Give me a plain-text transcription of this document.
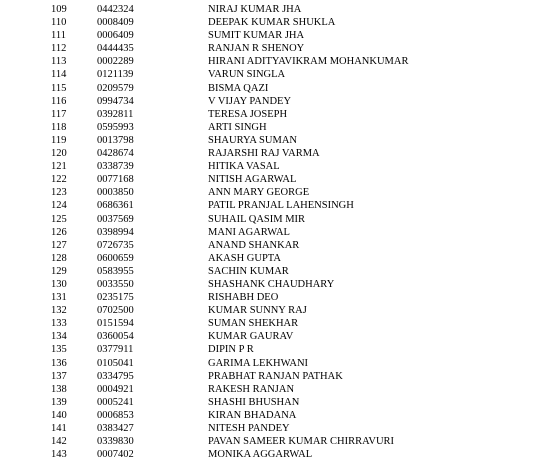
109	0442324	NIRAJ KUMAR JHA
110	0008409	DEEPAK KUMAR SHUKLA
111	0006409	SUMIT KUMAR JHA
112	0444435	RANJAN R SHENOY
113	0002289	HIRANI ADITYAVIKRAM MOHANKUMAR
114	0121139	VARUN SINGLA
115	0209579	BISMA QAZI
116	0994734	V VIJAY PANDEY
117	0392811	TERESA JOSEPH
118	0595993	ARTI SINGH
119	0013798	SHAURYA SUMAN
120	0428674	RAJARSHI RAJ VARMA
121	0338739	HITIKA VASAL
122	0077168	NITISH AGARWAL
123	0003850	ANN MARY GEORGE
124	0686361	PATIL PRANJAL LAHENSINGH
125	0037569	SUHAIL QASIM MIR
126	0398994	MANI AGARWAL
127	0726735	ANAND SHANKAR
128	0600659	AKASH GUPTA
129	0583955	SACHIN KUMAR
130	0033550	SHASHANK CHAUDHARY
131	0235175	RISHABH DEO
132	0702500	KUMAR SUNNY RAJ
133	0151594	SUMAN SHEKHAR
134	0360054	KUMAR GAURAV
135	0377911	DIPIN P R
136	0105041	GARIMA LEKHWANI
137	0334795	PRABHAT RANJAN PATHAK
138	0004921	RAKESH RANJAN
139	0005241	SHASHI BHUSHAN
140	0006853	KIRAN BHADANA
141	0383427	NITESH PANDEY
142	0339830	PAVAN SAMEER KUMAR CHIRRAVURI
143	0007402	MONIKA AGGARWAL
